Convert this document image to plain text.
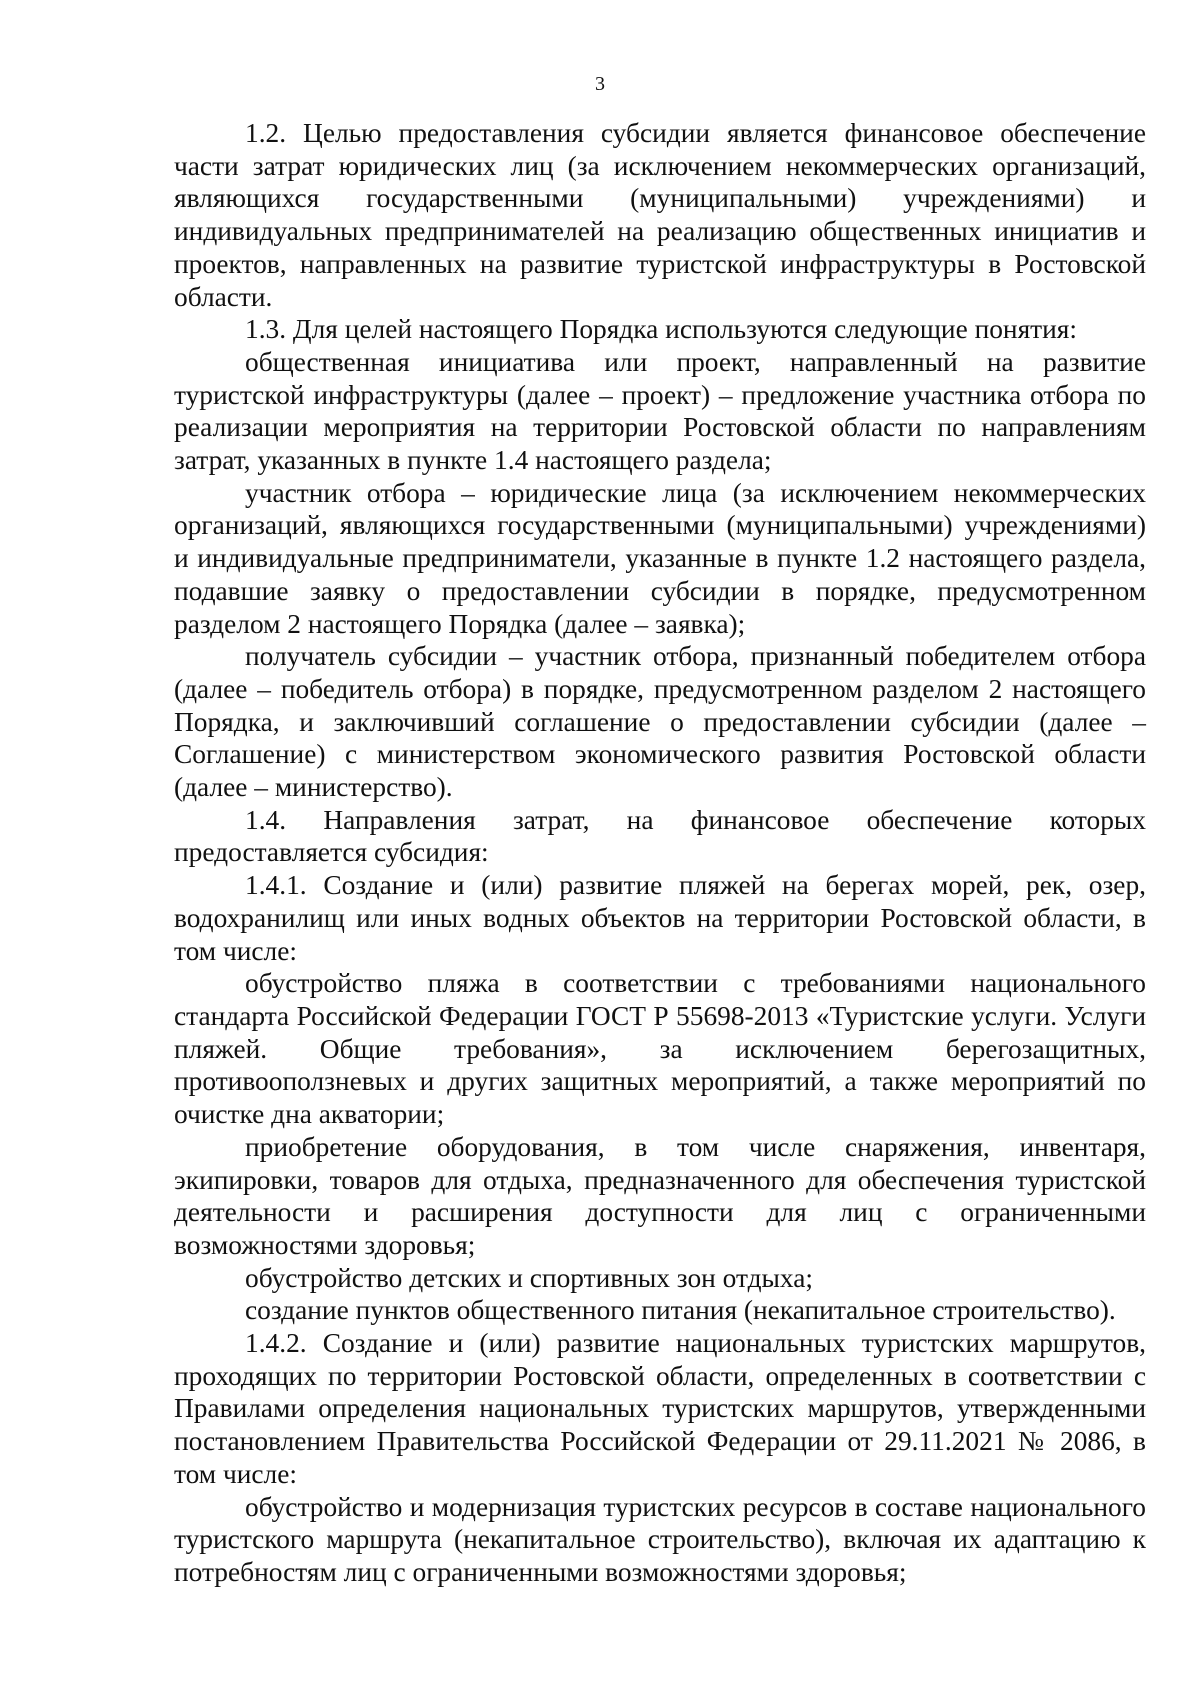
3

1.2. Целью предоставления субсидии является финансовое обеспечение части затрат юридических лиц (за исключением некоммерческих организаций, являющихся государственными (муниципальными) учреждениями) и индивидуальных предпринимателей на реализацию общественных инициатив и проектов, направленных на развитие туристской инфраструктуры в Ростовской области.

1.3. Для целей настоящего Порядка используются следующие понятия:

общественная инициатива или проект, направленный на развитие туристской инфраструктуры (далее – проект) – предложение участника отбора по реализации мероприятия на территории Ростовской области по направлениям затрат, указанных в пункте 1.4 настоящего раздела;

участник отбора – юридические лица (за исключением некоммерческих организаций, являющихся государственными (муниципальными) учреждениями) и индивидуальные предприниматели, указанные в пункте 1.2 настоящего раздела, подавшие заявку о предоставлении субсидии в порядке, предусмотренном разделом 2 настоящего Порядка (далее – заявка);

получатель субсидии – участник отбора, признанный победителем отбора (далее – победитель отбора) в порядке, предусмотренном разделом 2 настоящего Порядка, и заключивший соглашение о предоставлении субсидии (далее – Соглашение) с министерством экономического развития Ростовской области (далее – министерство).

1.4. Направления затрат, на финансовое обеспечение которых предоставляется субсидия:

1.4.1. Создание и (или) развитие пляжей на берегах морей, рек, озер, водохранилищ или иных водных объектов на территории Ростовской области, в том числе:

обустройство пляжа в соответствии с требованиями национального стандарта Российской Федерации ГОСТ Р 55698-2013 «Туристские услуги. Услуги пляжей. Общие требования», за исключением берегозащитных, противооползневых и других защитных мероприятий, а также мероприятий по очистке дна акватории;

приобретение оборудования, в том числе снаряжения, инвентаря, экипировки, товаров для отдыха, предназначенного для обеспечения туристской деятельности и расширения доступности для лиц с ограниченными возможностями здоровья;

обустройство детских и спортивных зон отдыха;

создание пунктов общественного питания (некапитальное строительство).

1.4.2. Создание и (или) развитие национальных туристских маршрутов, проходящих по территории Ростовской области, определенных в соответствии с Правилами определения национальных туристских маршрутов, утвержденными постановлением Правительства Российской Федерации от 29.11.2021 № 2086, в том числе:

обустройство и модернизация туристских ресурсов в составе национального туристского маршрута (некапитальное строительство), включая их адаптацию к потребностям лиц с ограниченными возможностями здоровья;
